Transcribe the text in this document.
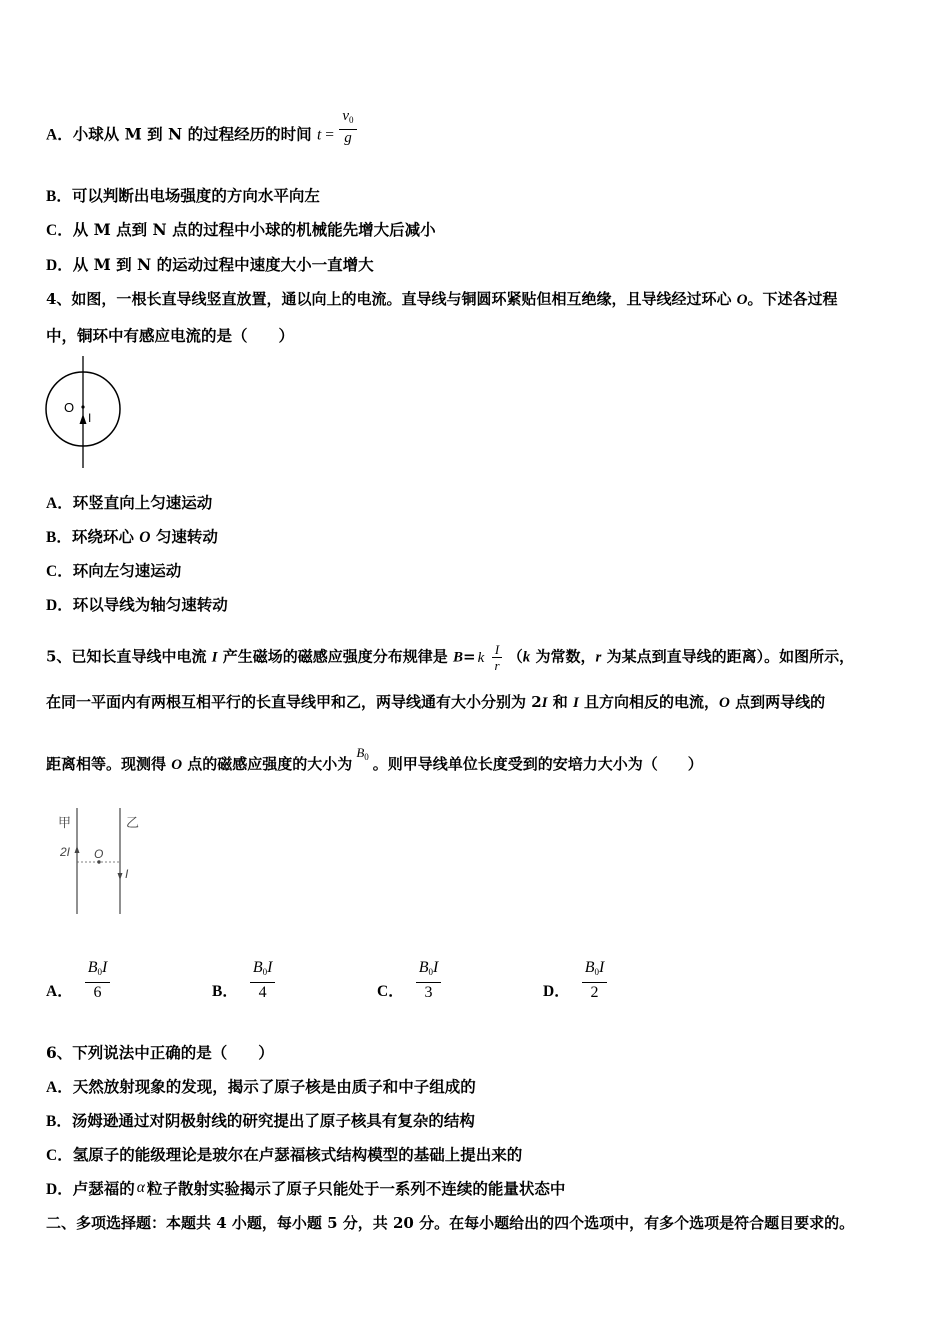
A．小球从 M 到 N 的过程经历的时间 $t = \frac{v_0}{g}$
B．可以判断出电场强度的方向水平向左
C．从 M 点到 N 点的过程中小球的机械能先增大后减小
D．从 M 到 N 的运动过程中速度大小一直增大
4、如图，一根长直导线竖直放置，通以向上的电流。直导线与铜圆环紧贴但相互绝缘，且导线经过环心 O。下述各过程
中，铜环中有感应电流的是（　　）
O
I
A．环竖直向上匀速运动
B．环绕环心 O 匀速转动
C．环向左匀速运动
D．环以导线为轴匀速转动
5、已知长直导线中电流 I 产生磁场的磁感应强度分布规律是 B= k $\frac{I}{r} (k$ 为常数，r 为某点到直导线的距离）。如图所示，
在同一平面内有两根互相平行的长直导线甲和乙，两导线通有大小分别为 2I 和 I 且方向相反的电流，O 点到两导线的
距离相等。现测得 O 点的磁感应强度的大小为$B_0$ 。则甲导线单位长度受到的安培力大小为（　　）
甲	乙
2I O
I
A． $\frac{B_0I}{6}$	B． $\frac{B_0I}{4}$	C． $\frac{B_0I}{3}$	D． $\frac{B_0I}{2}$
6、下列说法中正确的是（　　）
A．天然放射现象的发现，揭示了原子核是由质子和中子组成的
B．汤姆逊通过对阴极射线的研究提出了原子核具有复杂的结构
C．氢原子的能级理论是玻尔在卢瑟福核式结构模型的基础上提出来的
D．卢瑟福的 α 粒子散射实验揭示了原子只能处于一系列不连续的能量状态中
二、多项选择题：本题共 4 小题，每小题 5 分，共 20 分。在每小题给出的四个选项中，有多个选项是符合题目要求的。
